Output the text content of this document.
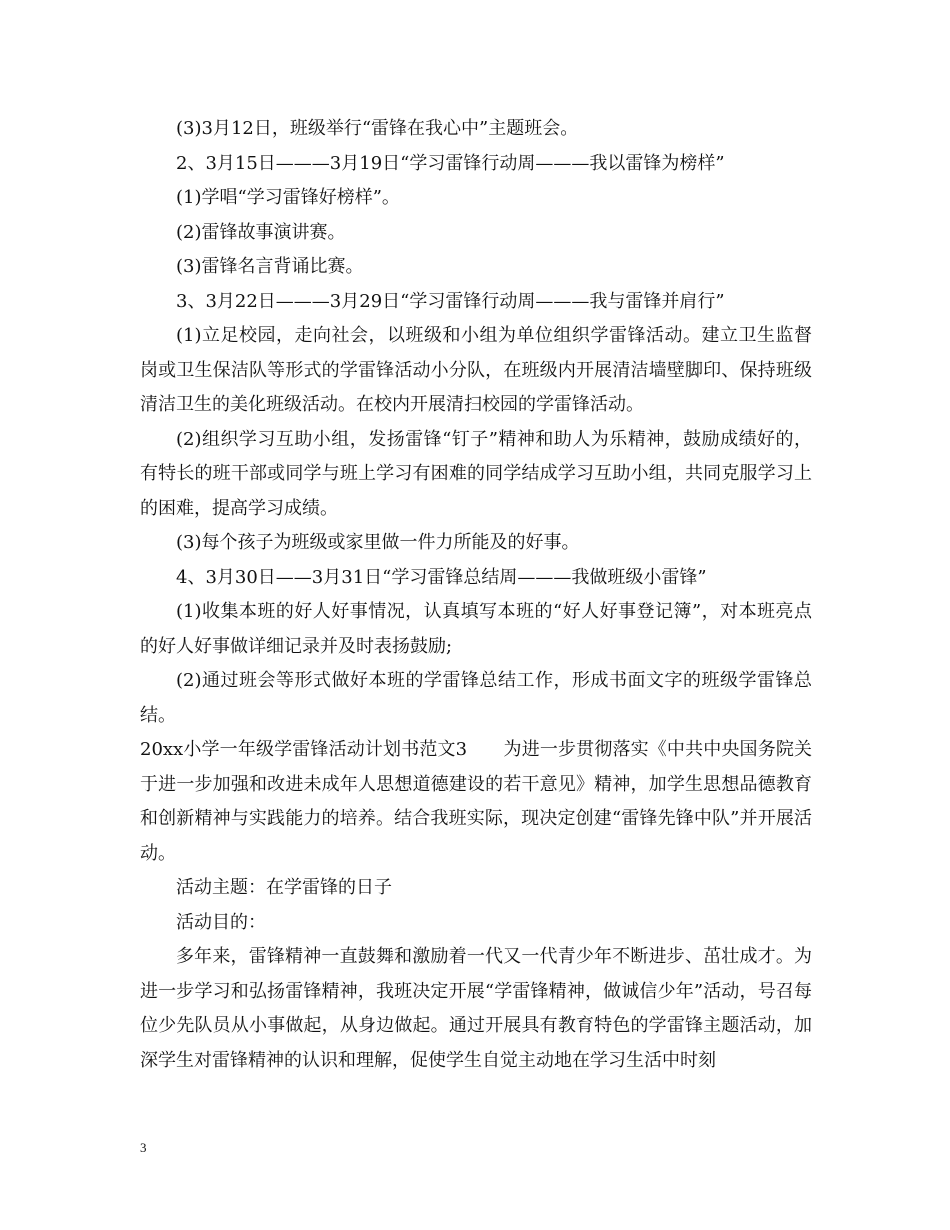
(3)3月12日，班级举行“雷锋在我心中”主题班会。

2、3月15日———3月19日“学习雷锋行动周———我以雷锋为榜样”

(1)学唱“学习雷锋好榜样”。

(2)雷锋故事演讲赛。

(3)雷锋名言背诵比赛。

3、3月22日———3月29日“学习雷锋行动周———我与雷锋并肩行”

(1)立足校园，走向社会，以班级和小组为单位组织学雷锋活动。建立卫生监督岗或卫生保洁队等形式的学雷锋活动小分队，在班级内开展清洁墙壁脚印、保持班级清洁卫生的美化班级活动。在校内开展清扫校园的学雷锋活动。

(2)组织学习互助小组，发扬雷锋“钉子”精神和助人为乐精神，鼓励成绩好的，有特长的班干部或同学与班上学习有困难的同学结成学习互助小组，共同克服学习上的困难，提高学习成绩。

(3)每个孩子为班级或家里做一件力所能及的好事。

4、3月30日——3月31日“学习雷锋总结周———我做班级小雷锋”

(1)收集本班的好人好事情况，认真填写本班的“好人好事登记簿”，对本班亮点的好人好事做详细记录并及时表扬鼓励;

(2)通过班会等形式做好本班的学雷锋总结工作，形成书面文字的班级学雷锋总结。

20xx小学一年级学雷锋活动计划书范文3　　为进一步贯彻落实《中共中央国务院关于进一步加强和改进未成年人思想道德建设的若干意见》精神，加学生思想品德教育和创新精神与实践能力的培养。结合我班实际，现决定创建“雷锋先锋中队”并开展活动。

活动主题：在学雷锋的日子

活动目的：

多年来，雷锋精神一直鼓舞和激励着一代又一代青少年不断进步、茁壮成才。为进一步学习和弘扬雷锋精神，我班决定开展“学雷锋精神，做诚信少年”活动，号召每位少先队员从小事做起，从身边做起。通过开展具有教育特色的学雷锋主题活动，加深学生对雷锋精神的认识和理解，促使学生自觉主动地在学习生活中时刻

3
